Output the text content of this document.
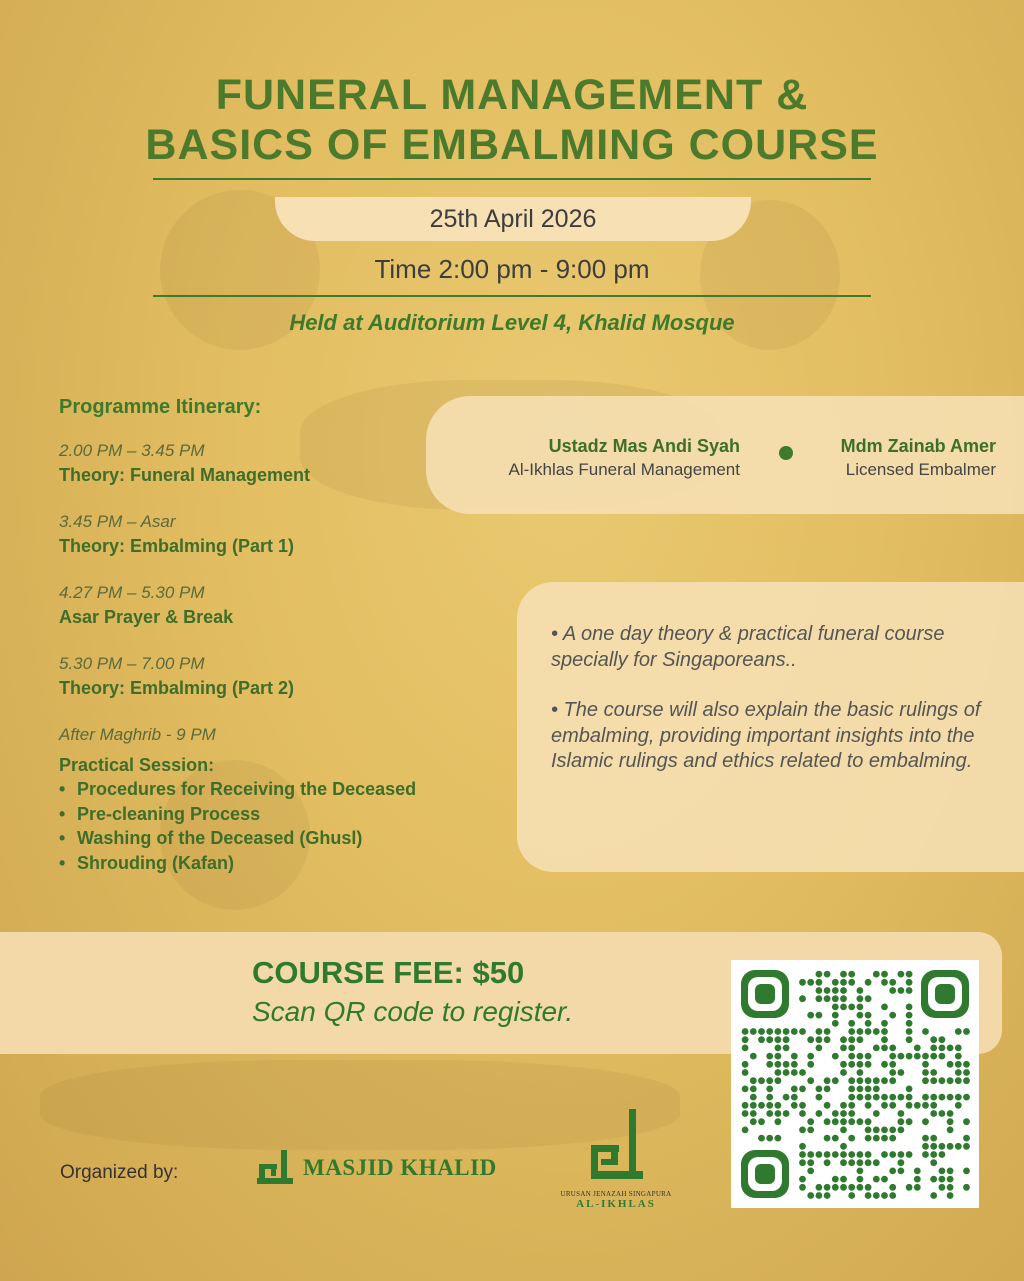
FUNERAL MANAGEMENT &
BASICS OF EMBALMING COURSE
25th April 2026
Time 2:00 pm - 9:00 pm
Held at Auditorium Level 4, Khalid Mosque
Programme Itinerary:
2.00 PM – 3.45 PM
Theory: Funeral Management
3.45 PM – Asar
Theory: Embalming (Part 1)
4.27 PM – 5.30 PM
Asar Prayer & Break
5.30 PM – 7.00 PM
Theory: Embalming (Part 2)
After Maghrib - 9 PM
Practical Session:
• Procedures for Receiving the Deceased
• Pre-cleaning Process
• Washing of the Deceased (Ghusl)
• Shrouding (Kafan)
Ustadz Mas Andi Syah
Al-Ikhlas Funeral Management
Mdm Zainab Amer
Licensed Embalmer

• A one day theory & practical funeral course specially for Singaporeans..

• The course will also explain the basic rulings of embalming, providing important insights into the Islamic rulings and ethics related to embalming.

COURSE FEE: $50
Scan QR code to register.
Organized by:	MASJID KHALID
URUSAN JENAZAH SINGAPURA
AL-IKHLAS
